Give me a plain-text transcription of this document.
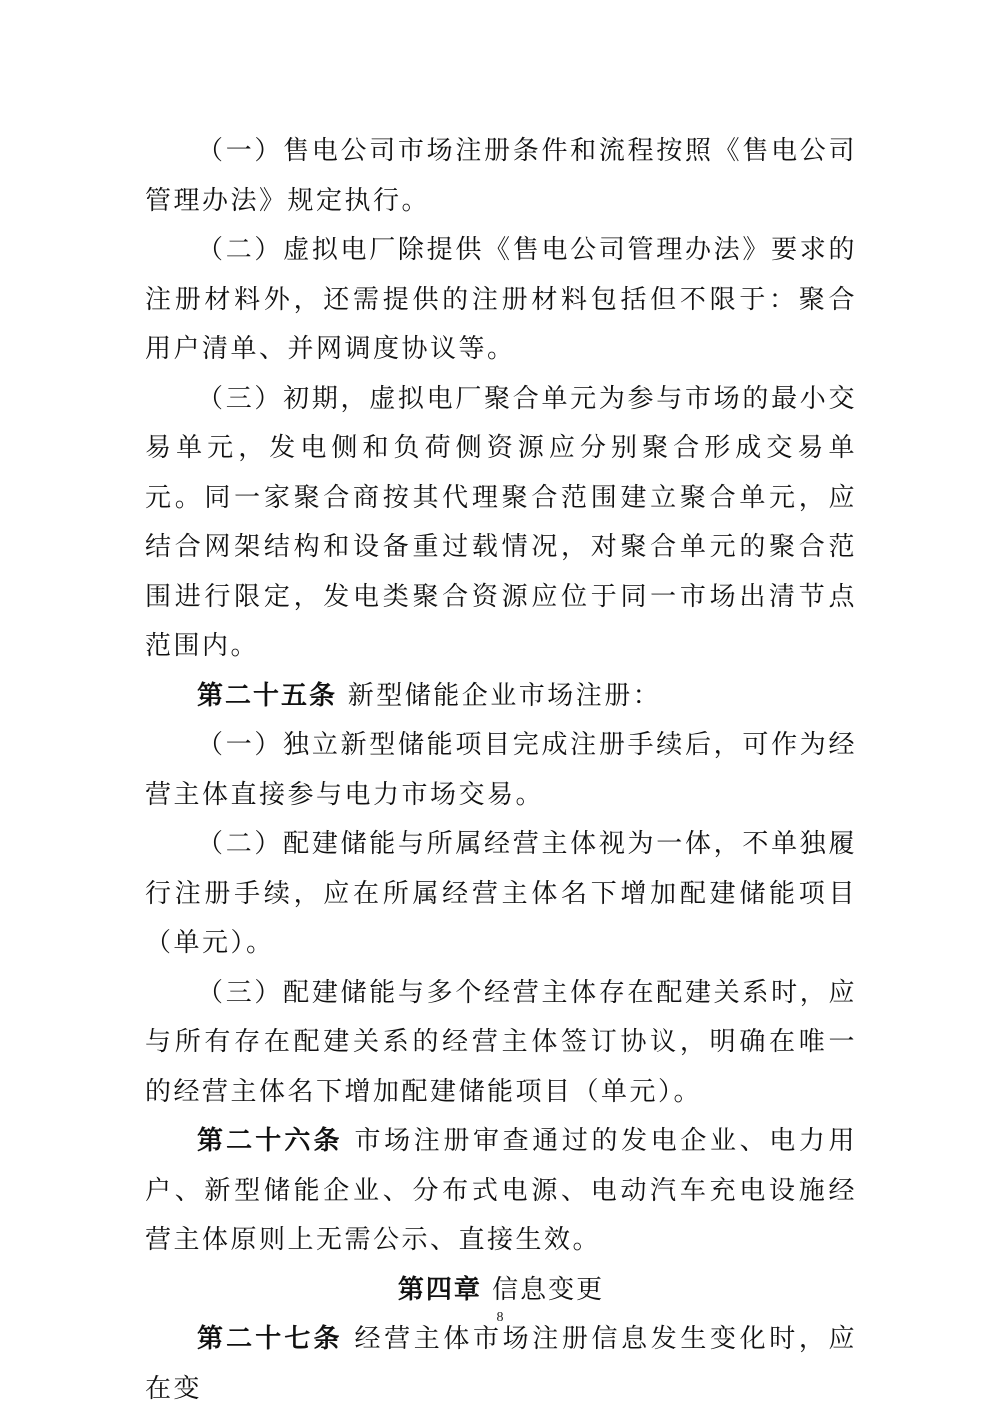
（一）售电公司市场注册条件和流程按照《售电公司管理办法》规定执行。

（二）虚拟电厂除提供《售电公司管理办法》要求的注册材料外，还需提供的注册材料包括但不限于：聚合用户清单、并网调度协议等。

（三）初期，虚拟电厂聚合单元为参与市场的最小交易单元，发电侧和负荷侧资源应分别聚合形成交易单元。同一家聚合商按其代理聚合范围建立聚合单元，应结合网架结构和设备重过载情况，对聚合单元的聚合范围进行限定，发电类聚合资源应位于同一市场出清节点范围内。

第二十五条 新型储能企业市场注册：

（一）独立新型储能项目完成注册手续后，可作为经营主体直接参与电力市场交易。

（二）配建储能与所属经营主体视为一体，不单独履行注册手续，应在所属经营主体名下增加配建储能项目（单元）。

（三）配建储能与多个经营主体存在配建关系时，应与所有存在配建关系的经营主体签订协议，明确在唯一的经营主体名下增加配建储能项目（单元）。

第二十六条 市场注册审查通过的发电企业、电力用户、新型储能企业、分布式电源、电动汽车充电设施经营主体原则上无需公示、直接生效。

第四章 信息变更

第二十七条 经营主体市场注册信息发生变化时，应在变

8
